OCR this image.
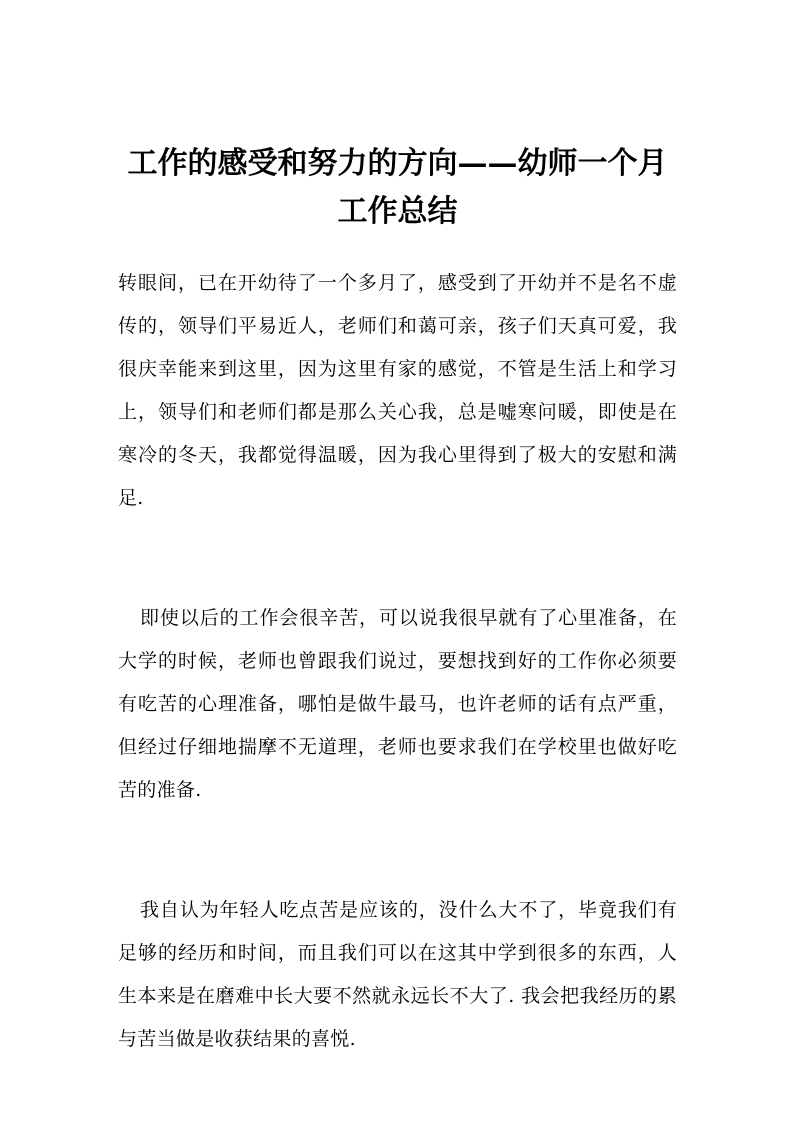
工作的感受和努力的方向——幼师一个月工作总结

转眼间，已在开幼待了一个多月了，感受到了开幼并不是名不虚传的，领导们平易近人，老师们和蔼可亲，孩子们天真可爱，我很庆幸能来到这里，因为这里有家的感觉，不管是生活上和学习上，领导们和老师们都是那么关心我，总是嘘寒问暖，即使是在寒冷的冬天，我都觉得温暖，因为我心里得到了极大的安慰和满足.

即使以后的工作会很辛苦，可以说我很早就有了心里准备，在大学的时候，老师也曾跟我们说过，要想找到好的工作你必须要有吃苦的心理准备，哪怕是做牛最马，也许老师的话有点严重，但经过仔细地揣摩不无道理，老师也要求我们在学校里也做好吃苦的准备.

我自认为年轻人吃点苦是应该的，没什么大不了，毕竟我们有足够的经历和时间，而且我们可以在这其中学到很多的东西，人生本来是在磨难中长大要不然就永远长不大了. 我会把我经历的累与苦当做是收获结果的喜悦.
